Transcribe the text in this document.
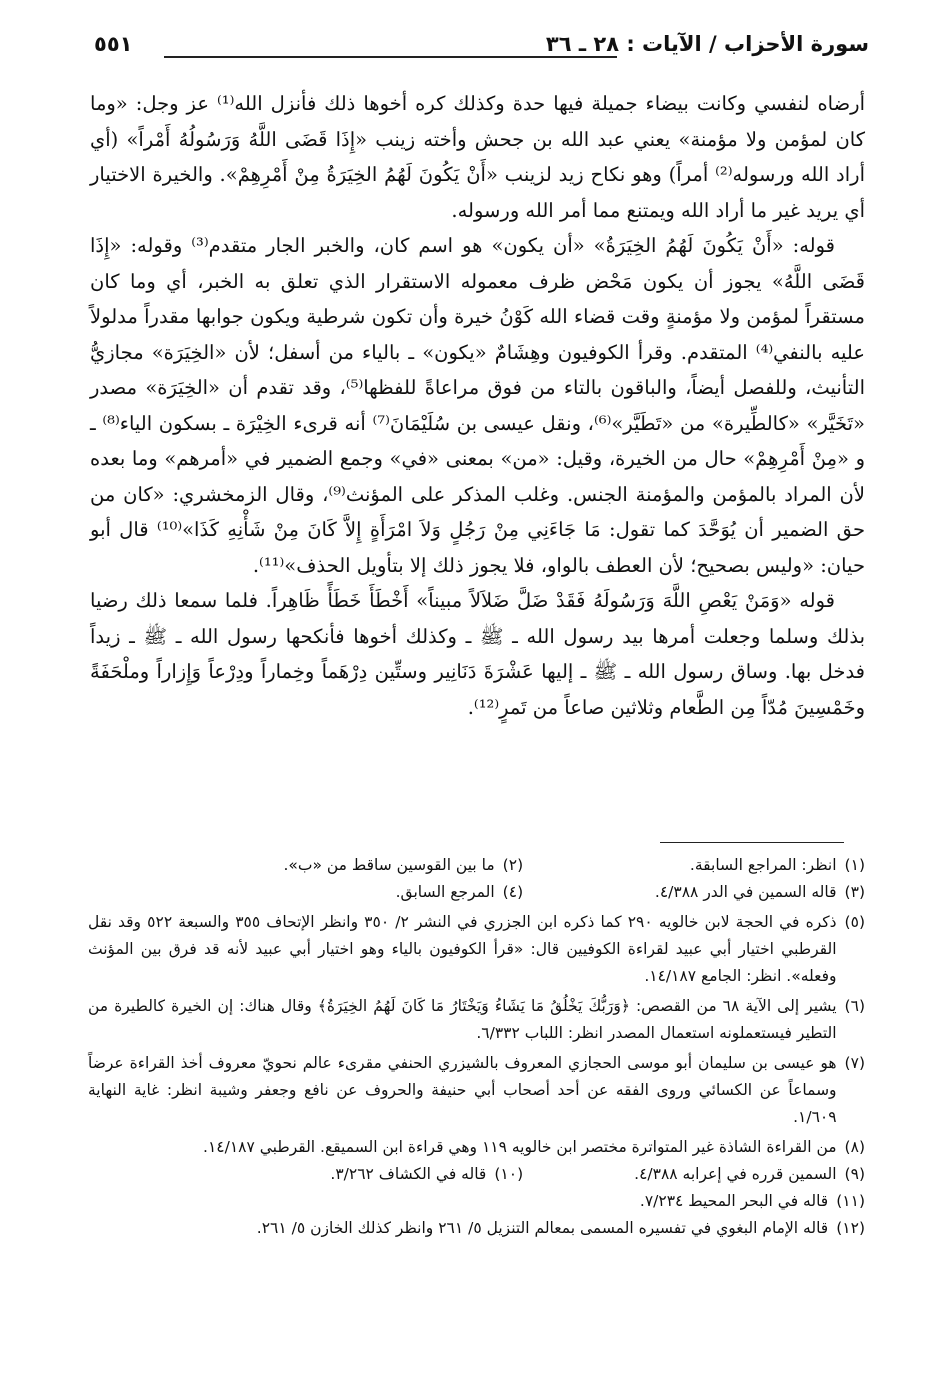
سورة الأحزاب / الآيات : ٢٨ ـ ٣٦
٥٥١

أرضاه لنفسي وكانت بيضاء جميلة فيها حدة وكذلك كره أخوها ذلك فأنزل الله⁽¹⁾ عز وجل: «وما كان لمؤمن ولا مؤمنة» يعني عبد الله بن جحش وأخته زينب «إِذَا قَضَى اللَّهُ وَرَسُولُهُ أَمْراً» (أي أراد الله ورسوله⁽²⁾ أمراً) وهو نكاح زيد لزينب «أَنْ يَكُونَ لَهُمُ الخِيَرَةُ مِنْ أَمْرِهِمْ». والخيرة الاختيار أي يريد غير ما أراد الله ويمتنع مما أمر الله ورسوله.

قوله: «أَنْ يَكُونَ لَهُمُ الخِيَرَةُ» «أن يكون» هو اسم كان، والخبر الجار متقدم⁽³⁾ وقوله: «إِذَا قَضَى اللَّهُ» يجوز أن يكون مَحْض ظرف معموله الاستقرار الذي تعلق به الخبر، أي وما كان مستقراً لمؤمن ولا مؤمنةٍ وقت قضاء الله كَوْنُ خيرة وأن تكون شرطية ويكون جوابها مقدراً مدلولاً عليه بالنفي⁽⁴⁾ المتقدم. وقرأ الكوفيون وهِشَامٌ «يكون» ـ بالياء من أسفل؛ لأن «الخِيَرَة» مجازيُّ التأنيث، وللفصل أيضاً، والباقون بالتاء من فوق مراعاةً للفظها⁽⁵⁾، وقد تقدم أن «الخِيَرَة» مصدر «تَخَيَّر» «كالطِّيرة» من «تَطَيَّر»⁽⁶⁾، ونقل عيسى بن سُلَيْمَانَ⁽⁷⁾ أنه قرىء الخِيْرَة ـ بسكون الياء⁽⁸⁾ ـ و «مِنْ أَمْرِهِمْ» حال من الخيرة، وقيل: «من» بمعنى «في» وجمع الضمير في «أمرهم» وما بعده لأن المراد بالمؤمن والمؤمنة الجنس. وغلب المذكر على المؤنث⁽⁹⁾، وقال الزمخشري: «كان من حق الضمير أن يُوَحَّدَ كما تقول: مَا جَاءَنِي مِنْ رَجُلٍ وَلاَ امْرَأَةٍ إِلاَّ كَانَ مِنْ شَأْنِهِ كَذَا»⁽¹⁰⁾ قال أبو حيان: «وليس بصحيح؛ لأن العطف بالواو، فلا يجوز ذلك إلا بتأويل الحذف»⁽¹¹⁾.

قوله «وَمَنْ يَعْصِ اللَّهَ وَرَسُولَهُ فَقَدْ ضَلَّ ضَلاَلاً مبيناً» أَخْطَأَ خَطَأً ظَاهِراً. فلما سمعا ذلك رضيا بذلك وسلما وجعلت أمرها بيد رسول الله ـ ﷺ ـ وكذلك أخوها فأنكحها رسول الله ـ ﷺ ـ زيداً فدخل بها. وساق رسول الله ـ ﷺ ـ إليها عَشْرَةَ دَنَانِير وستِّين دِرْهَماً وخِماراً ودِرْعاً وَإِزاراً وملْحَفَةً وخَمْسِينَ مُدّاً مِن الطَّعام وثلاثين صاعاً من تَمرٍ⁽¹²⁾.

(١)
انظر: المراجع السابقة.
(٢)
ما بين القوسين ساقط من «ب».
(٣)
قاله السمين في الدر ٤/٣٨٨.
(٤)
المرجع السابق.
(٥)
ذكره في الحجة لابن خالويه ٢٩٠ كما ذكره ابن الجزري في النشر ٢/ ٣٥٠ وانظر الإتحاف ٣٥٥ والسبعة ٥٢٢ وقد نقل القرطبي اختيار أبي عبيد لقراءة الكوفيين قال: «قرأ الكوفيون بالياء وهو اختيار أبي عبيد لأنه قد فرق بين المؤنث وفعله». انظر: الجامع ١٤/١٨٧.
(٦)
يشير إلى الآية ٦٨ من القصص: ﴿وَرَبُّكَ يَخْلُقُ مَا يَشَاءُ وَيَخْتَارُ مَا كَانَ لَهُمُ الخِيَرَةُ﴾ وقال هناك: إن الخيرة كالطيرة من التطير فيستعملونه استعمال المصدر انظر: اللباب ٦/٣٣٢.
(٧)
هو عيسى بن سليمان أبو موسى الحجازي المعروف بالشيزري الحنفي مقرىء عالم نحويّ معروف أخذ القراءة عرضاً وسماعاً عن الكسائي وروى الفقه عن أحد أصحاب أبي حنيفة والحروف عن نافع وجعفر وشيبة انظر: غاية النهاية ١/٦٠٩.
(٨)
من القراءة الشاذة غير المتواترة مختصر ابن خالويه ١١٩ وهي قراءة ابن السميقع. القرطبي ١٤/١٨٧.
(٩)
السمين قرره في إعرابه ٤/٣٨٨.
(١٠)
قاله في الكشاف ٣/٢٦٢.
(١١)
قاله في البحر المحيط ٧/٢٣٤.
(١٢)
قاله الإمام البغوي في تفسيره المسمى بمعالم التنزيل ٥/ ٢٦١ وانظر كذلك الخازن ٥/ ٢٦١.
